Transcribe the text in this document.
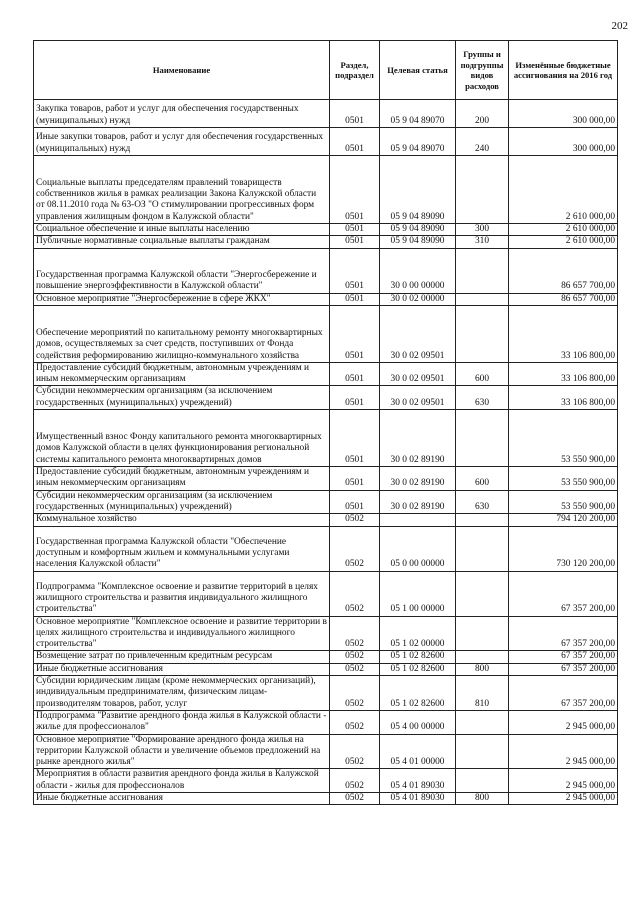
202
Наименование	Раздел, подраздел	Целевая статья	Группы и подгруппы видов расходов	Изменённые бюджетные ассигнования на 2016 год
Закупка товаров, работ и услуг для обеспечения государственных (муниципальных) нужд	0501	05 9 04 89070	200	300 000,00
Иные закупки товаров, работ и услуг для обеспечения государственных (муниципальных) нужд	0501	05 9 04 89070	240	300 000,00
Социальные выплаты председателям правлений товариществ собственников жилья в рамках реализации Закона Калужской области от 08.11.2010 года № 63-ОЗ "О стимулировании прогрессивных форм управления жилищным фондом в Калужской области"	0501	05 9 04 89090		2 610 000,00
Социальное обеспечение и иные выплаты населению	0501	05 9 04 89090	300	2 610 000,00
Публичные нормативные социальные выплаты гражданам	0501	05 9 04 89090	310	2 610 000,00
Государственная программа Калужской области "Энергосбережение и повышение энергоэффективности в Калужской области"	0501	30 0 00 00000		86 657 700,00
Основное мероприятие "Энергосбережение в сфере ЖКХ"	0501	30 0 02 00000		86 657 700,00
Обеспечение мероприятий по капитальному ремонту многоквартирных домов, осуществляемых за счет средств, поступивших от Фонда содействия реформированию жилищно-коммунального хозяйства	0501	30 0 02 09501		33 106 800,00
Предоставление субсидий бюджетным, автономным учреждениям и иным некоммерческим организациям	0501	30 0 02 09501	600	33 106 800,00
Субсидии некоммерческим организациям (за исключением государственных (муниципальных) учреждений)	0501	30 0 02 09501	630	33 106 800,00
Имущественный взнос Фонду капитального ремонта многоквартирных домов Калужской области в целях функционирования региональной системы капитального ремонта многоквартирных домов	0501	30 0 02 89190		53 550 900,00
Предоставление субсидий бюджетным, автономным учреждениям и иным некоммерческим организациям	0501	30 0 02 89190	600	53 550 900,00
Субсидии некоммерческим организациям (за исключением государственных (муниципальных) учреждений)	0501	30 0 02 89190	630	53 550 900,00
Коммунальное хозяйство	0502			794 120 200,00
Государственная программа Калужской области "Обеспечение доступным и комфортным жильем и коммунальными услугами населения Калужской области"	0502	05 0 00 00000		730 120 200,00
Подпрограмма "Комплексное освоение и развитие территорий в целях жилищного строительства и развития индивидуального жилищного строительства"	0502	05 1 00 00000		67 357 200,00
Основное мероприятие "Комплексное освоение и развитие территории в целях жилищного строительства и индивидуального жилищного строительства"	0502	05 1 02 00000		67 357 200,00
Возмещение затрат по привлеченным кредитным ресурсам	0502	05 1 02 82600		67 357 200,00
Иные бюджетные ассигнования	0502	05 1 02 82600	800	67 357 200,00
Субсидии юридическим лицам (кроме некоммерческих организаций), индивидуальным предпринимателям, физическим лицам-производителям товаров, работ, услуг	0502	05 1 02 82600	810	67 357 200,00
Подпрограмма "Развитие арендного фонда жилья в Калужской области - жилье для профессионалов"	0502	05 4 00 00000		2 945 000,00
Основное мероприятие "Формирование арендного фонда жилья на территории Калужской области и увеличение объемов предложений на рынке арендного жилья"	0502	05 4 01 00000		2 945 000,00
Мероприятия в области развития арендного фонда жилья в Калужской области - жилья для профессионалов	0502	05 4 01 89030		2 945 000,00
Иные бюджетные ассигнования	0502	05 4 01 89030	800	2 945 000,00
